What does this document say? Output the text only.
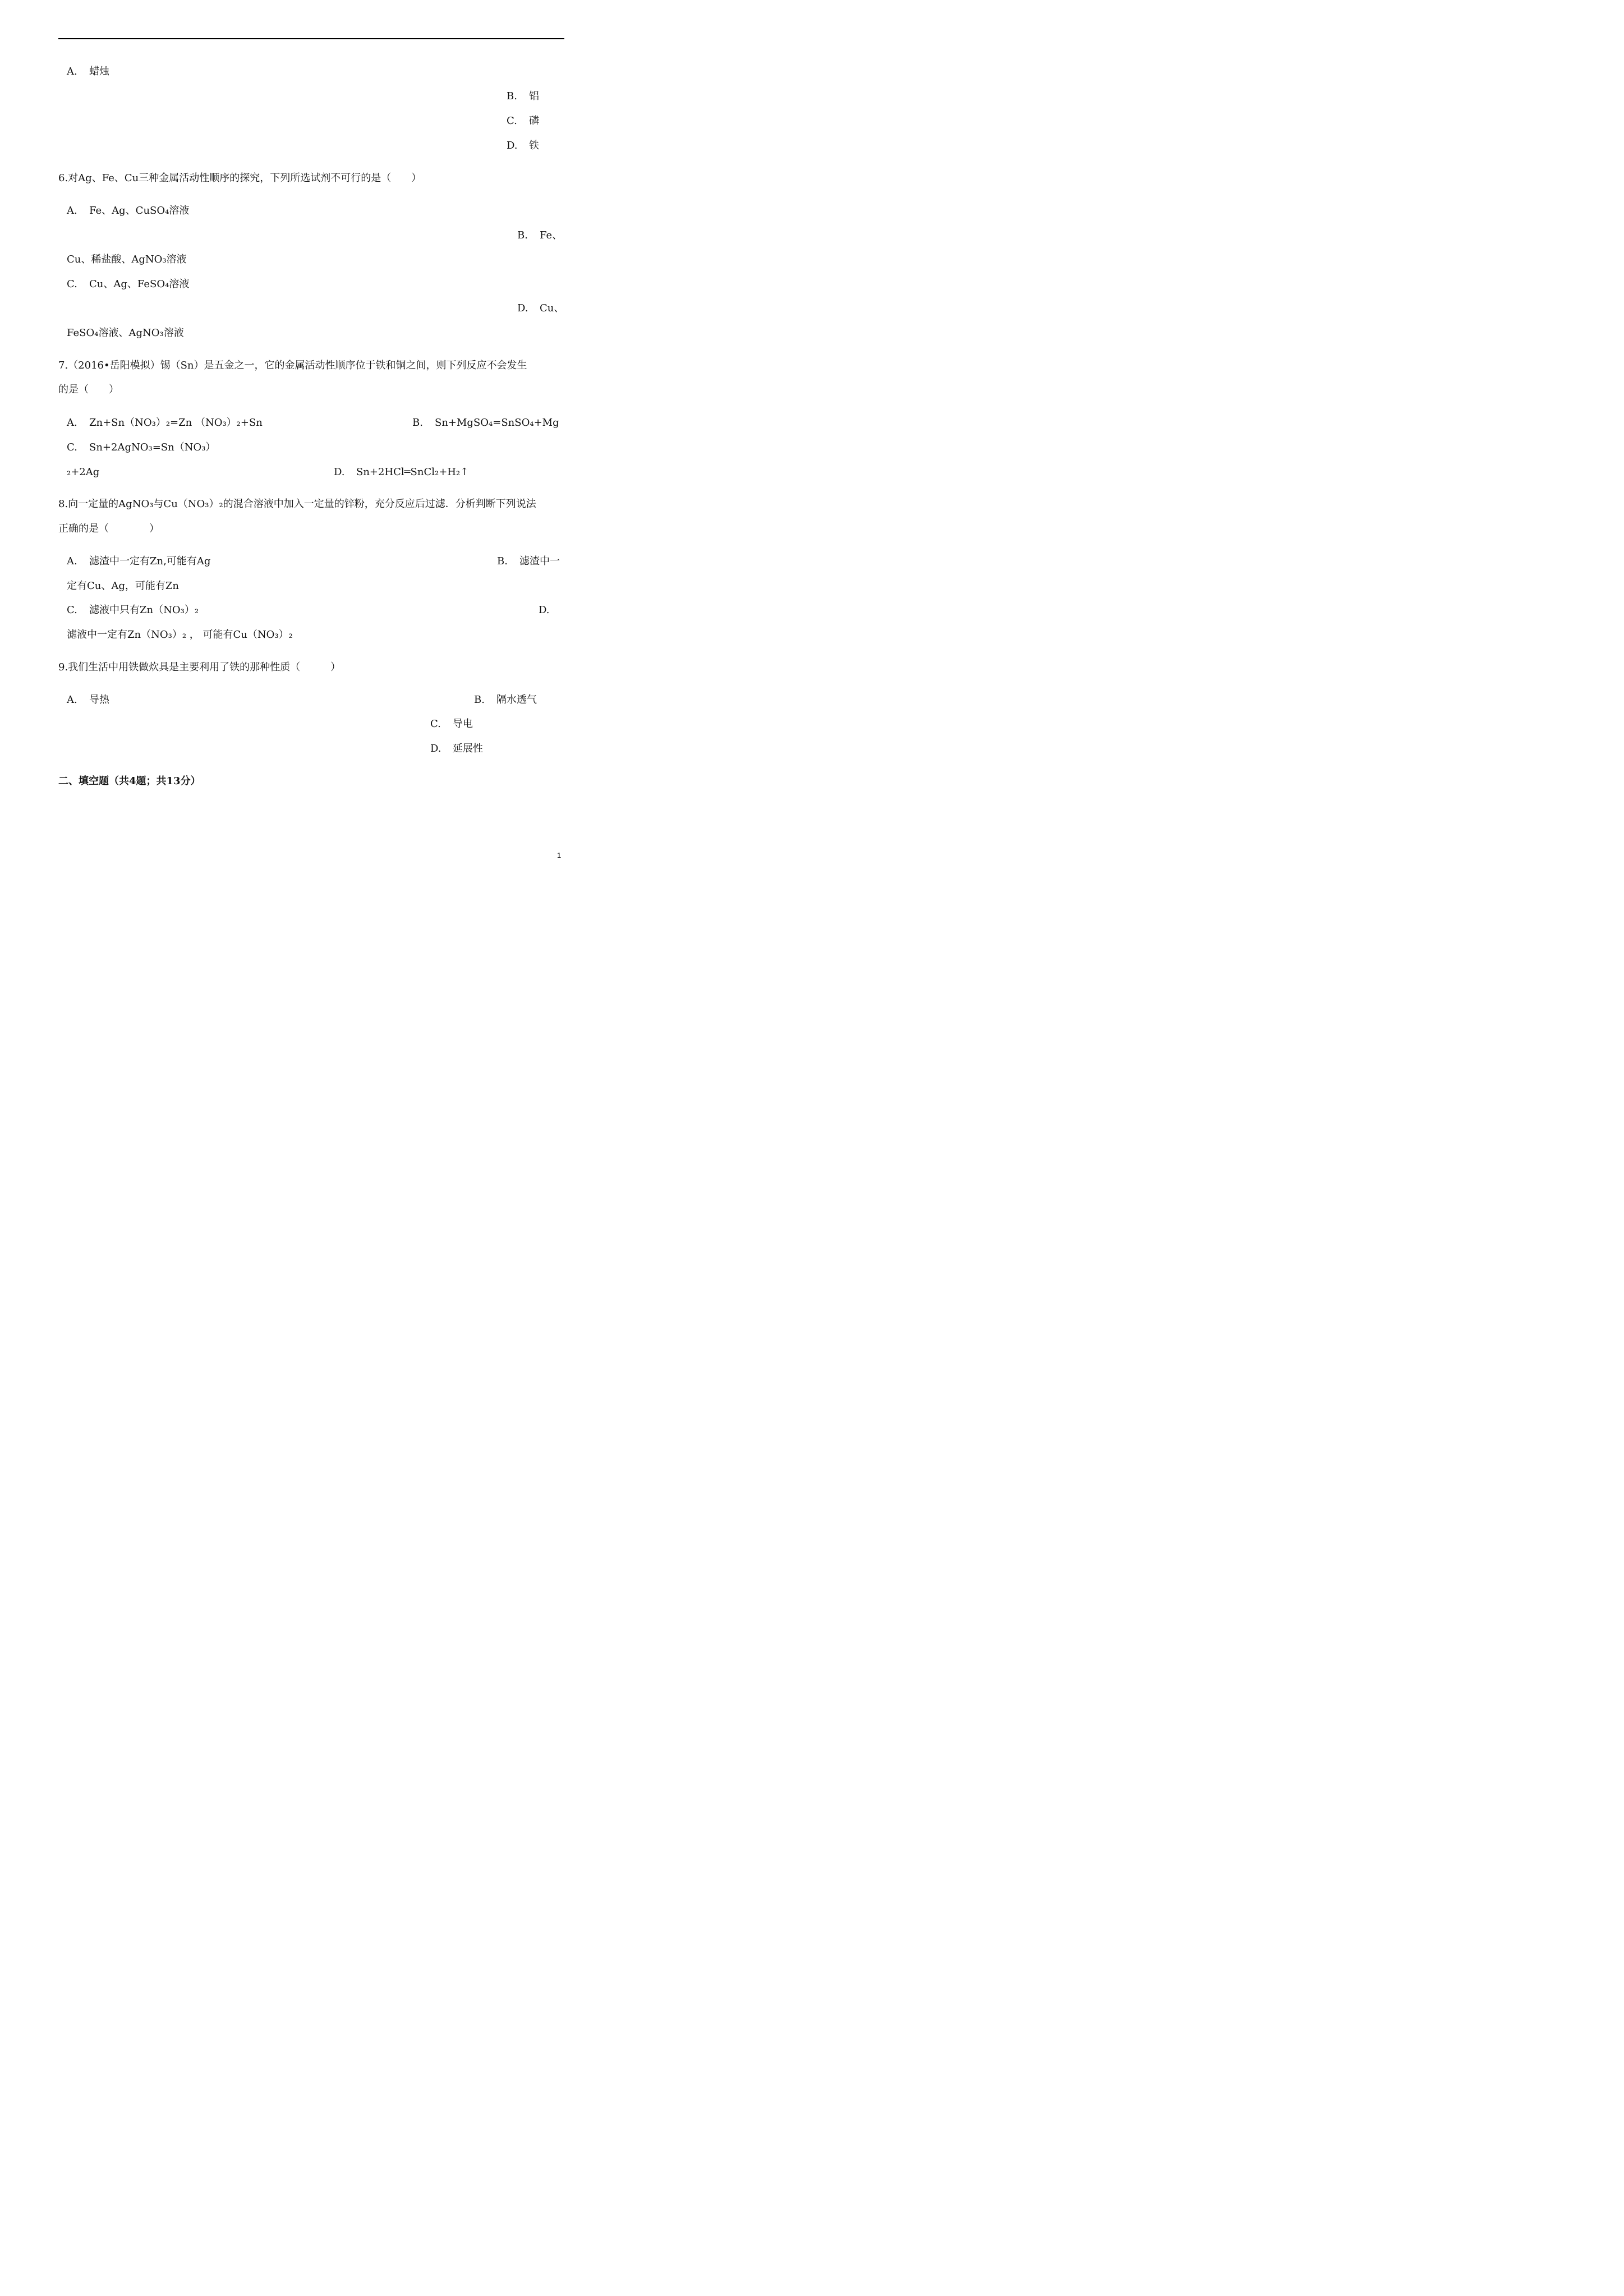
A. 蜡烛
B. 铝
C. 磷
D. 铁
6.对Ag、Fe、Cu三种金属活动性顺序的探究，下列所选试剂不可行的是（　　）
A. Fe、Ag、CuSO₄溶液
B. Fe、
Cu、稀盐酸、AgNO₃溶液
C. Cu、Ag、FeSO₄溶液
D. Cu、
FeSO₄溶液、AgNO₃溶液
7.（2016•岳阳模拟）锡（Sn）是五金之一，它的金属活动性顺序位于铁和铜之间，则下列反应不会发生
的是（　　）
A. Zn+Sn（NO₃）₂=Zn （NO₃）₂+Sn	B. Sn+MgSO₄=SnSO₄+Mg
C. Sn+2AgNO₃=Sn（NO₃）
₂+2Ag	D. Sn+2HCl═SnCl₂+H₂↑
8.向一定量的AgNO₃与Cu（NO₃）₂的混合溶液中加入一定量的锌粉，充分反应后过滤．分析判断下列说法
正确的是（　　　　）
A. 滤渣中一定有Zn,可能有Ag	B. 滤渣中一
定有Cu、Ag，可能有Zn
C. 滤液中只有Zn（NO₃）₂	D.
滤液中一定有Zn（NO₃）₂ ， 可能有Cu（NO₃）₂
9.我们生活中用铁做炊具是主要利用了铁的那种性质（　　　）
A. 导热	B. 隔水透气
C. 导电
D. 延展性
二、填空题（共4题；共13分）
1
